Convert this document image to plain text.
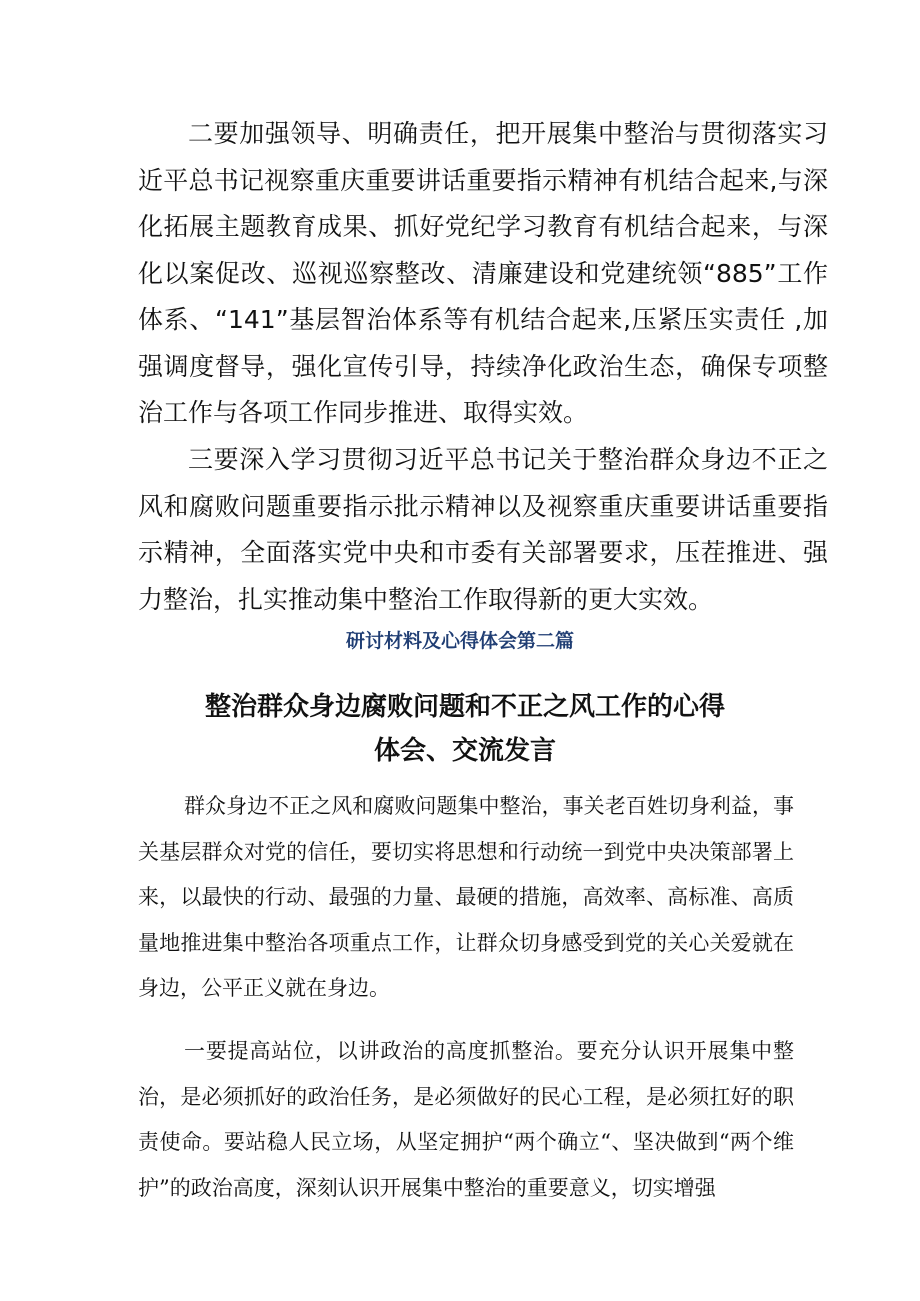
二要加强领导、明确责任，把开展集中整治与贯彻落实习近平总书记视察重庆重要讲话重要指示精神有机结合起来,与深化拓展主题教育成果、抓好党纪学习教育有机结合起来，与深化以案促改、巡视巡察整改、清廉建设和党建统领“885”工作体系、“141”基层智治体系等有机结合起来,压紧压实责任 ,加强调度督导，强化宣传引导，持续净化政治生态，确保专项整治工作与各项工作同步推进、取得实效。

三要深入学习贯彻习近平总书记关于整治群众身边不正之风和腐败问题重要指示批示精神以及视察重庆重要讲话重要指示精神，全面落实党中央和市委有关部署要求，压茬推进、强力整治，扎实推动集中整治工作取得新的更大实效。

研讨材料及心得体会第二篇

整治群众身边腐败问题和不正之风工作的心得
体会、交流发言

群众身边不正之风和腐败问题集中整治，事关老百姓切身利益，事关基层群众对党的信任，要切实将思想和行动统一到党中央决策部署上来，以最快的行动、最强的力量、最硬的措施，高效率、高标准、高质量地推进集中整治各项重点工作，让群众切身感受到党的关心关爱就在身边，公平正义就在身边。

一要提高站位，以讲政治的高度抓整治。要充分认识开展集中整治，是必须抓好的政治任务，是必须做好的民心工程，是必须扛好的职责使命。要站稳人民立场，从坚定拥护“两个确立“、坚决做到“两个维护”的政治高度，深刻认识开展集中整治的重要意义，切实增强
